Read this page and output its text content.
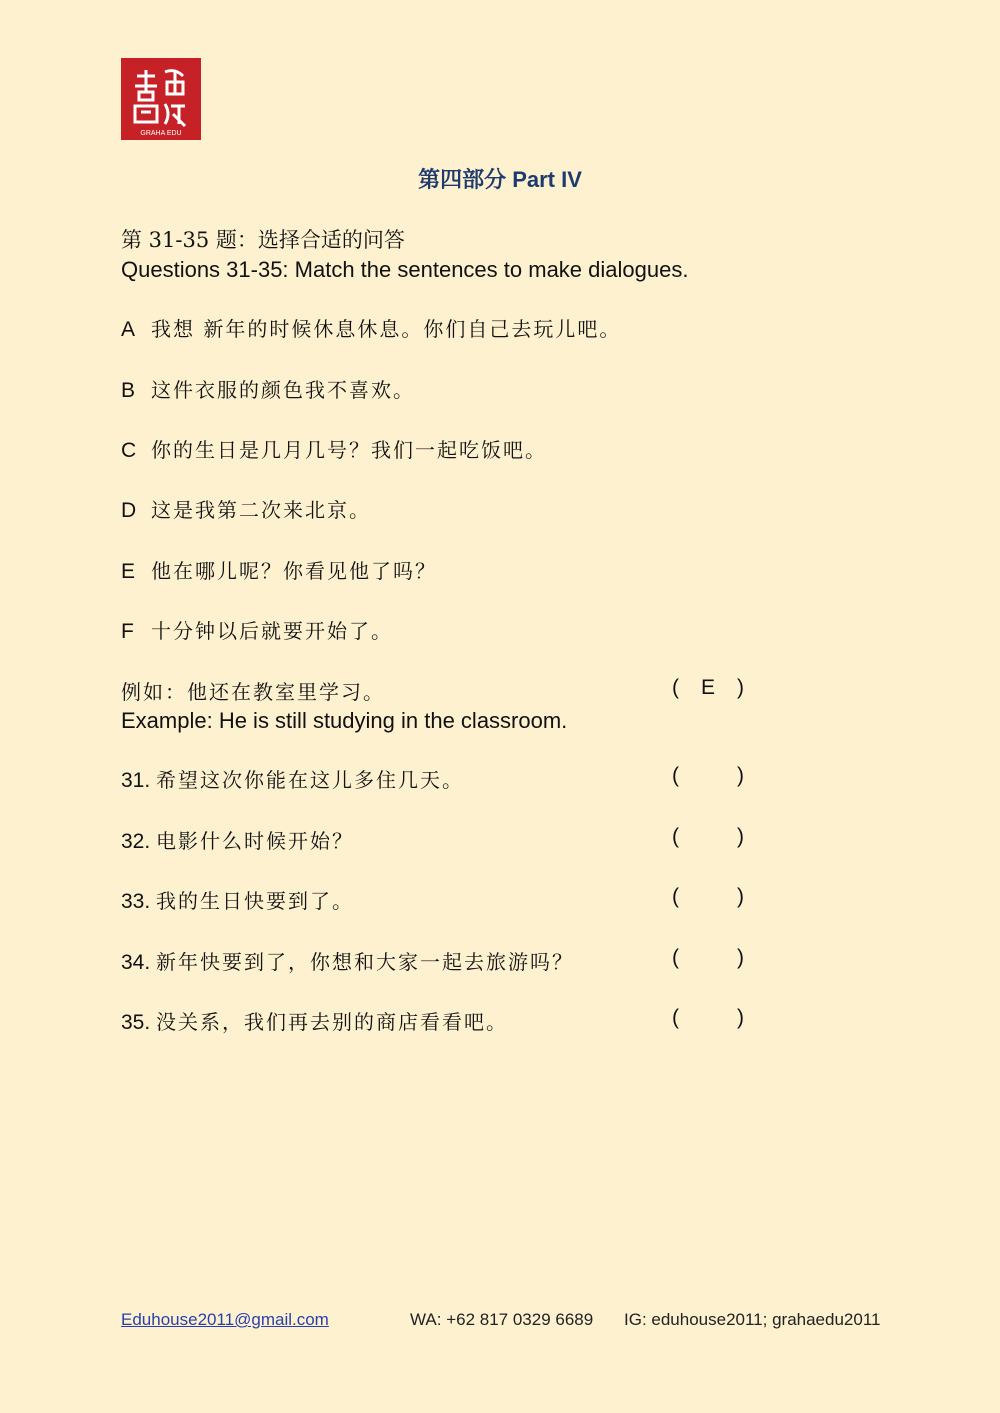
GRAHA EDU
第四部分 Part IV
第 31-35 题：选择合适的问答
Questions 31-35: Match the sentences to make dialogues.
A 我想 新年的时候休息休息。你们自己去玩儿吧。
B 这件衣服的颜色我不喜欢。
C 你的生日是几月几号？我们一起吃饭吧。
D 这是我第二次来北京。
E 他在哪儿呢？你看见他了吗？
F 十分钟以后就要开始了。
例如：他还在教室里学习。	( E )
Example: He is still studying in the classroom.
31. 希望这次你能在这儿多住几天。	(	)
32. 电影什么时候开始？	(	)
33. 我的生日快要到了。	(	)
34. 新年快要到了，你想和大家一起去旅游吗？	(	)
35. 没关系，我们再去别的商店看看吧。	(	)
Eduhouse2011@gmail.com	WA: +62 817 0329 6689 IG: eduhouse2011; grahaedu2011
